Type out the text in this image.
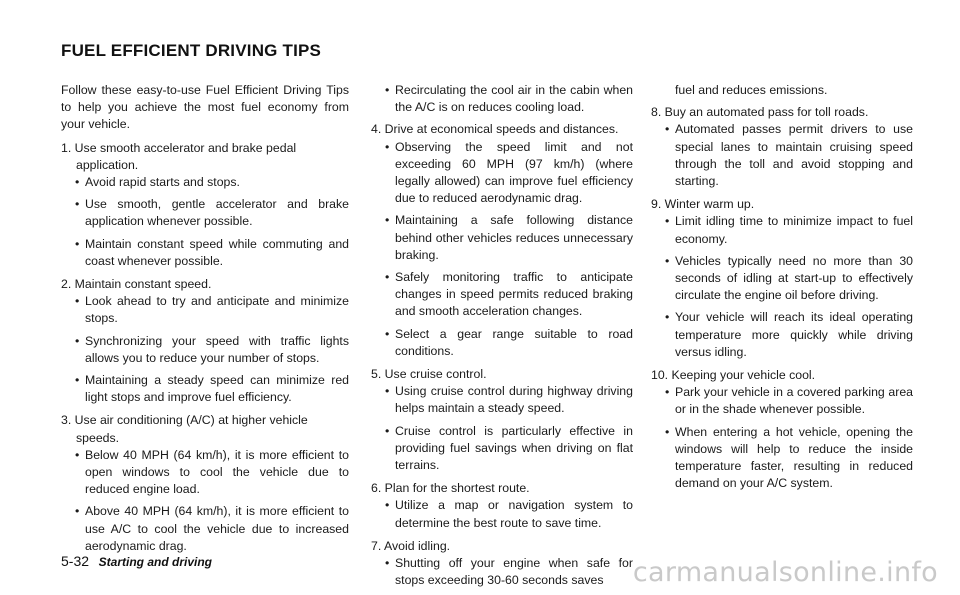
FUEL EFFICIENT DRIVING TIPS

Follow these easy-to-use Fuel Efficient Driving Tips to help you achieve the most fuel economy from your vehicle.

1. Use smooth accelerator and brake pedal application.
• Avoid rapid starts and stops.
• Use smooth, gentle accelerator and brake application whenever possible.
• Maintain constant speed while commuting and coast whenever possible.
2. Maintain constant speed.
• Look ahead to try and anticipate and minimize stops.
• Synchronizing your speed with traffic lights allows you to reduce your number of stops.
• Maintaining a steady speed can minimize red light stops and improve fuel efficiency.
3. Use air conditioning (A/C) at higher vehicle speeds.
• Below 40 MPH (64 km/h), it is more efficient to open windows to cool the vehicle due to reduced engine load.
• Above 40 MPH (64 km/h), it is more efficient to use A/C to cool the vehicle due to increased aerodynamic drag.
• Recirculating the cool air in the cabin when the A/C is on reduces cooling load.
4. Drive at economical speeds and distances.
• Observing the speed limit and not exceeding 60 MPH (97 km/h) (where legally allowed) can improve fuel efficiency due to reduced aerodynamic drag.
• Maintaining a safe following distance behind other vehicles reduces unnecessary braking.
• Safely monitoring traffic to anticipate changes in speed permits reduced braking and smooth acceleration changes.
• Select a gear range suitable to road conditions.
5. Use cruise control.
• Using cruise control during highway driving helps maintain a steady speed.
• Cruise control is particularly effective in providing fuel savings when driving on flat terrains.
6. Plan for the shortest route.
• Utilize a map or navigation system to determine the best route to save time.
7. Avoid idling.
• Shutting off your engine when safe for stops exceeding 30-60 seconds saves
fuel and reduces emissions.
8. Buy an automated pass for toll roads.
• Automated passes permit drivers to use special lanes to maintain cruising speed through the toll and avoid stopping and starting.
9. Winter warm up.
• Limit idling time to minimize impact to fuel economy.
• Vehicles typically need no more than 30 seconds of idling at start-up to effectively circulate the engine oil before driving.
• Your vehicle will reach its ideal operating temperature more quickly while driving versus idling.
10. Keeping your vehicle cool.
• Park your vehicle in a covered parking area or in the shade whenever possible.
• When entering a hot vehicle, opening the windows will help to reduce the inside temperature faster, resulting in reduced demand on your A/C system.
5-32 Starting and driving	carmanualsonline.info
